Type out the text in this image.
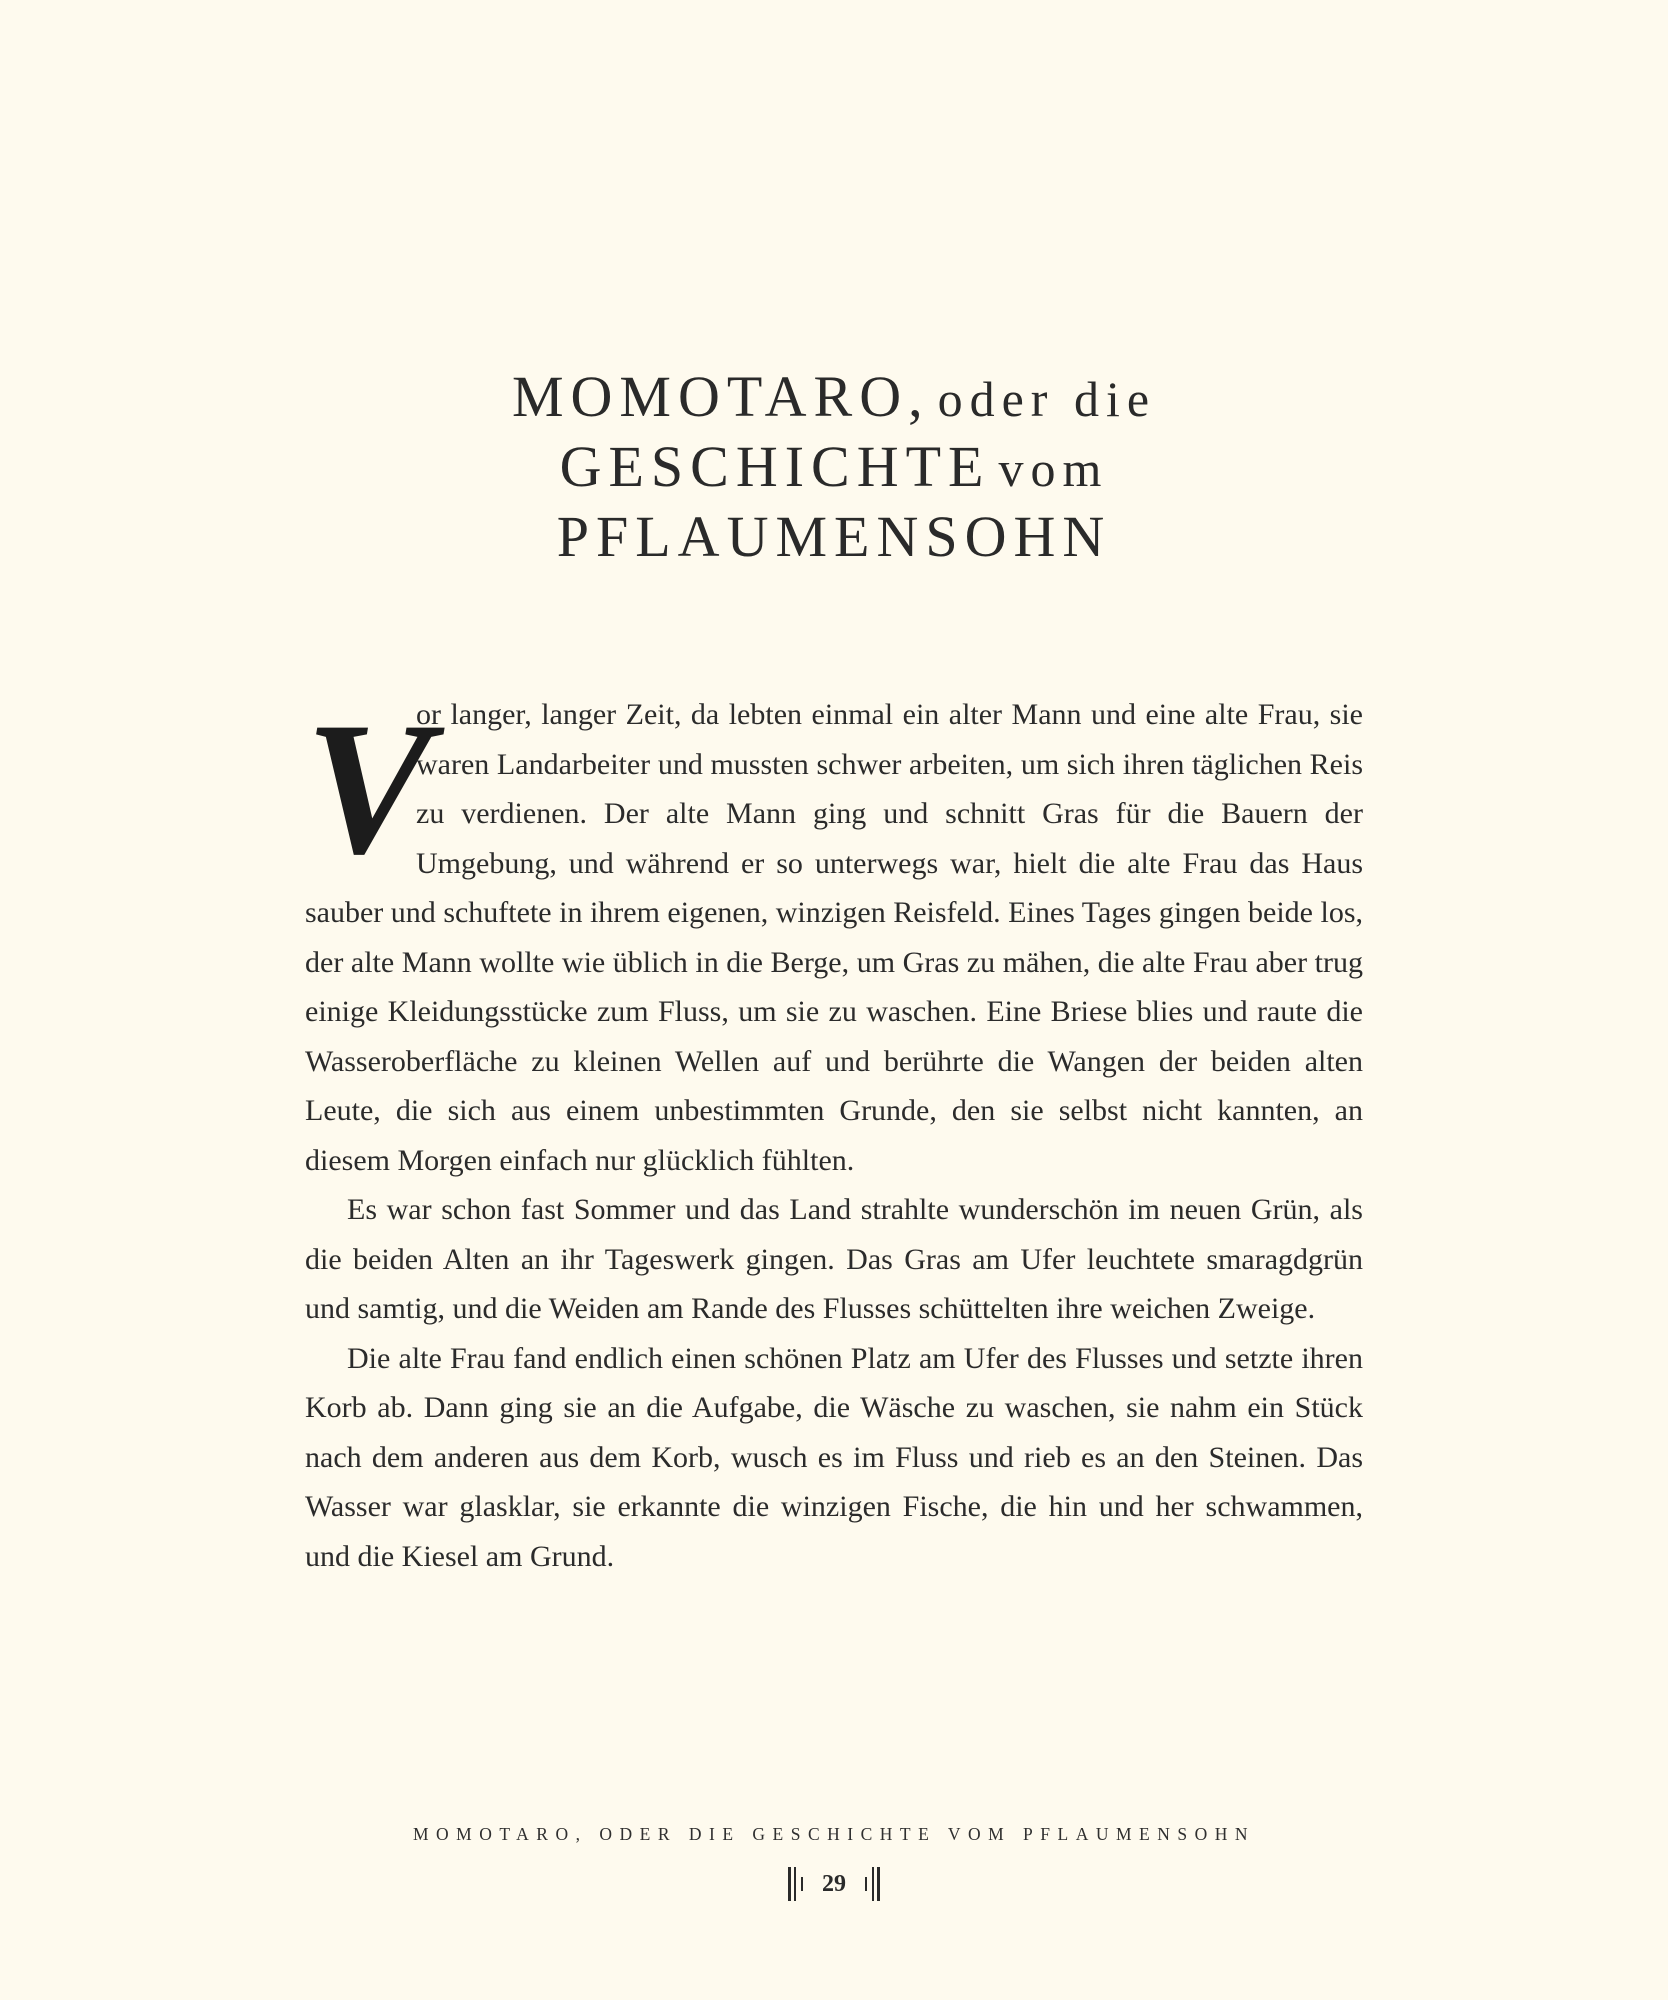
MOMOTARO, oder die
GESCHICHTE vom
PFLAUMENSOHN

V
or langer, langer Zeit, da lebten einmal ein alter Mann und eine alte Frau, sie waren Landarbeiter und mussten schwer arbeiten, um sich ihren täglichen Reis zu verdienen. Der alte Mann ging und schnitt Gras für die Bauern der Umgebung, und während er so unterwegs war, hielt die alte Frau das Haus sauber und schuftete in ihrem eigenen, winzigen Reisfeld. Eines Tages gingen beide los, der alte Mann wollte wie üblich in die Berge, um Gras zu mähen, die alte Frau aber trug einige Kleidungsstücke zum Fluss, um sie zu waschen. Eine Briese blies und raute die Wasseroberfläche zu kleinen Wellen auf und berührte die Wangen der beiden alten Leute, die sich aus einem unbestimmten Grunde, den sie selbst nicht kannten, an diesem Morgen einfach nur glücklich fühlten.

Es war schon fast Sommer und das Land strahlte wunderschön im neuen Grün, als die beiden Alten an ihr Tageswerk gingen. Das Gras am Ufer leuchtete smaragdgrün und samtig, und die Weiden am Rande des Flusses schüttelten ihre weichen Zweige.

Die alte Frau fand endlich einen schönen Platz am Ufer des Flusses und setzte ihren Korb ab. Dann ging sie an die Aufgabe, die Wäsche zu waschen, sie nahm ein Stück nach dem anderen aus dem Korb, wusch es im Fluss und rieb es an den Steinen. Das Wasser war glasklar, sie erkannte die winzigen Fische, die hin und her schwammen, und die Kiesel am Grund.

MOMOTARO, ODER DIE GESCHICHTE VOM PFLAUMENSOHN
29
